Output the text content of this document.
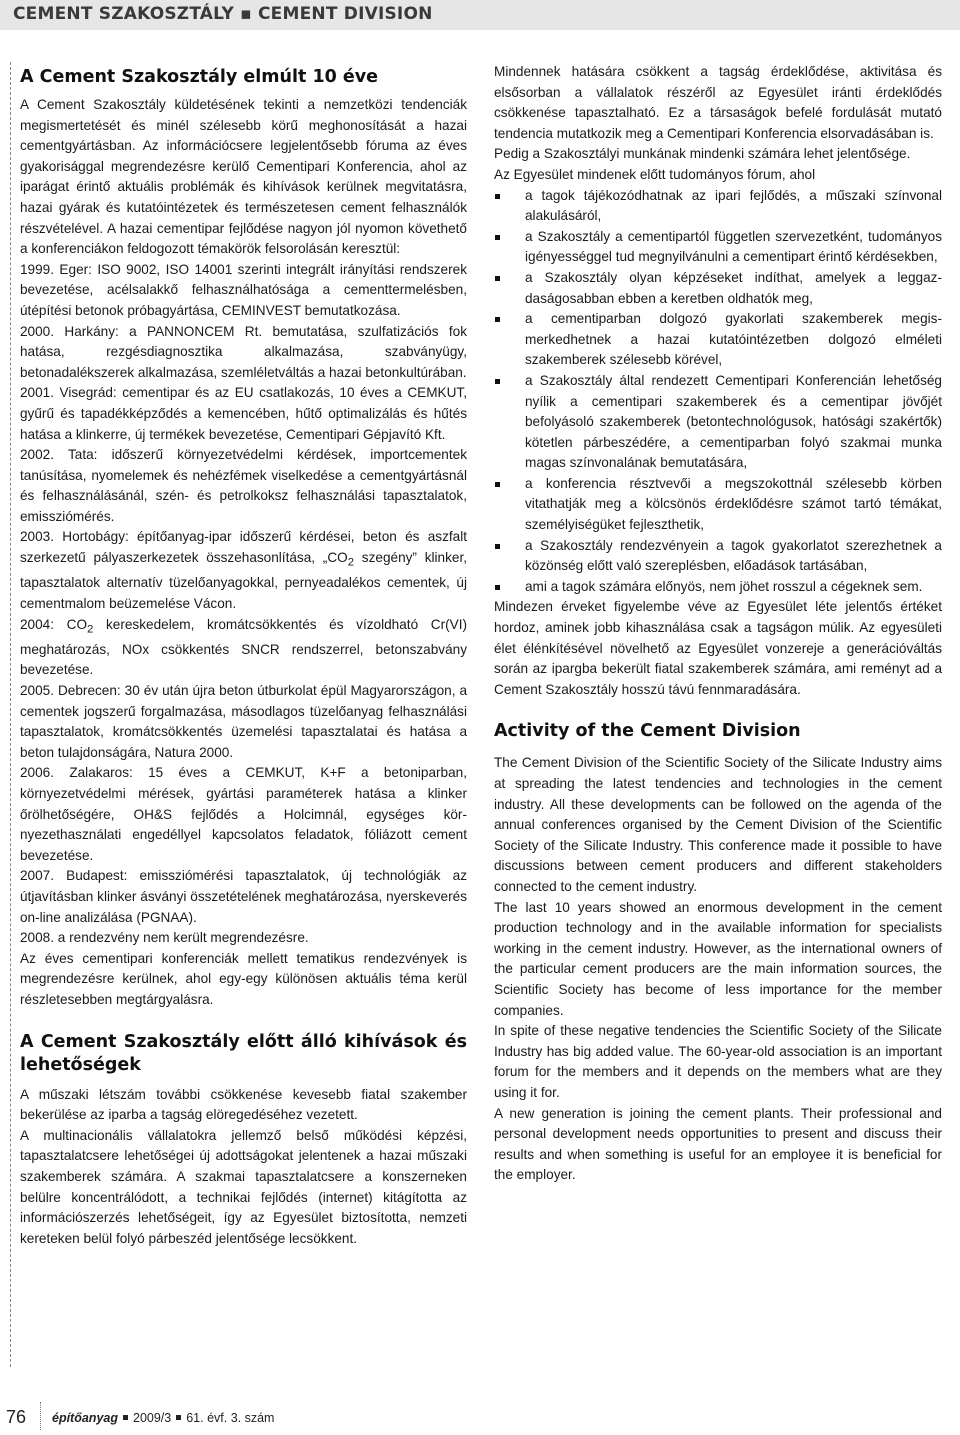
CEMENT SZAKOSZTÁLY ▪ CEMENT DIVISION
A Cement Szakosztály elmúlt 10 éve

A Cement Szakosztály küldetésének tekinti a nemzetközi tendenciák megismertetését és minél szélesebb körű meghonosítását a hazai cementgyártásban. Az információcsere legjelentősebb fóruma az éves gyakorisággal megrendezésre kerülő Cementipari Konferencia, ahol az iparágat érintő aktuális problémák és kihívások kerülnek megvitatásra, hazai gyárak és kutatóintézetek és természetesen cement felhasználók részvételével. A hazai cementipar fejlődése nagyon jól nyomon követhető a konferenciákon feldogozott témakörök felsorolásán keresztül:

1999. Eger: ISO 9002, ISO 14001 szerinti integrált irányítási rendszerek bevezetése, acélsalakkő felhasználhatósága a cementtermelésben, útépítési betonok próbagyártása, CEMINVEST bemutatkozása.

2000. Harkány: a PANNONCEM Rt. bemutatása, szulfatizációs fok hatása, rezgésdiagnosztika alkalmazása, szabványügy, betonadalékszerek alkalmazása, szemléletváltás a hazai betonkultúrában.

2001. Visegrád: cementipar és az EU csatlakozás, 10 éves a CEMKUT, gyűrű és tapadékképződés a kemencében, hűtő optimalizálás és hűtés hatása a klinkerre, új termékek bevezetése, Cementipari Gépjavító Kft.

2002. Tata: időszerű környezetvédelmi kérdések, importcementek tanúsítása, nyomelemek és nehézfémek viselkedése a cementgyártásnál és felhasználásánál, szén- és petrolkoksz felhasználási tapasztalatok, emissziómérés.

2003. Hortobágy: építőanyag-ipar időszerű kérdései, beton és aszfalt szerkezetű pályaszerkezetek összehasonlítása, $„CO_2$ szegény” klinker, tapasztalatok alternatív tüzelőanyagokkal, pernyeadalékos cementek, új cementmalom beüzemelése Vácon.

2004: $CO_2$ kereskedelem, kromátcsökkentés és vízoldható Cr(VI) meghatározás, NOx csökkentés SNCR rendszerrel, betonszabvány bevezetése.

2005. Debrecen: 30 év után újra beton útburkolat épül Magyarországon, a cementek jogszerű forgalmazása, másodlagos tüzelőanyag felhasználási tapasztalatok, kromátcsökkentés üzemelési tapasztalatai és hatása a beton tulajdonságára, Natura 2000.

2006. Zalakaros: 15 éves a CEMKUT, K+F a betoniparban, környezetvédelmi mérések, gyártási paraméterek hatása a klinker őrölhetőségére, OH&S fejlődés a Holcimnál, egységes környezethasználati engedéllyel kapcsolatos feladatok, fóliázott cement bevezetése.

2007. Budapest: emissziómérési tapasztalatok, új technológiák az útjavításban klinker ásványi összetételének meghatározása, nyerskeverés on-line analizálása (PGNAA).

2008. a rendezvény nem került megrendezésre.

Az éves cementipari konferenciák mellett tematikus rendezvények is megrendezésre kerülnek, ahol egy-egy különösen aktuális téma kerül részletesebben megtárgyalásra.

A Cement Szakosztály előtt álló kihívások és lehetőségek

A műszaki létszám további csökkenése kevesebb fiatal szakember bekerülése az iparba a tagság elöregedéséhez vezetett.

A multinacionális vállalatokra jellemző belső működési képzési, tapasztalatcsere lehetőségei új adottságokat jelentenek a hazai műszaki szakemberek számára. A szakmai tapasztalatcsere a konszerneken belülre koncentrálódott, a technikai fejlődés (internet) kitágította az információszerzés lehetőségeit, így az Egyesület biztosította, nemzeti kereteken belül folyó párbeszéd jelentősége lecsökkent.

Mindennek hatására csökkent a tagság érdeklődése, aktivitása és elsősorban a vállalatok részéről az Egyesület iránti érdeklődés csökkenése tapasztalható. Ez a társaságok befelé fordulását mutató tendencia mutatkozik meg a Cementipari Konferencia elsorvadásában is.

Pedig a Szakosztályi munkának mindenki számára lehet jelentősége.

Az Egyesület mindenek előtt tudományos fórum, ahol

a tagok tájékozódhatnak az ipari fejlődés, a műszaki színvonal alakulásáról,
a Szakosztály a cementipartól független szervezetként, tudományos igényességgel tud megnyilvánulni a cementipart érintő kérdésekben,
a Szakosztály olyan képzéseket indíthat, amelyek a leggazdaságosabban ebben a keretben oldhatók meg,
a cementiparban dolgozó gyakorlati szakemberek megismerkedhetnek a hazai kutatóintézetben dolgozó elméleti szakemberek szélesebb körével,
a Szakosztály által rendezett Cementipari Konferencián lehetőség nyílik a cementipari szakemberek és a cementipar jövőjét befolyásoló szakemberek (betontechnológusok, hatósági szakértők) kötetlen párbeszédére, a cementiparban folyó szakmai munka magas színvonalának bemutatására,
a konferencia résztvevői a megszokottnál szélesebb körben vitathatják meg a kölcsönös érdeklődésre számot tartó témákat, személyiségüket fejleszthetik,
a Szakosztály rendezvényein a tagok gyakorlatot szerezhetnek a közönség előtt való szereplésben, előadások tartásában,
ami a tagok számára előnyös, nem jöhet rosszul a cégeknek sem.

Mindezen érveket figyelembe véve az Egyesület léte jelentős értéket hordoz, aminek jobb kihasználása csak a tagságon múlik. Az egyesületi élet élénkítésével növelhető az Egyesület vonzereje a generációváltás során az ipargba bekerült fiatal szakemberek számára, ami reményt ad a Cement Szakosztály hosszú távú fennmaradására.

Activity of the Cement Division

The Cement Division of the Scientific Society of the Silicate Industry aims at spreading the latest tendencies and technologies in the cement industry. All these developments can be followed on the agenda of the annual conferences organised by the Cement Division of the Scientific Society of the Silicate Industry. This conference made it possible to have discussions between cement producers and different stakeholders connected to the cement industry.

The last 10 years showed an enormous development in the cement production technology and in the available information for specialists working in the cement industry. However, as the international owners of the particular cement producers are the main information sources, the Scientific Society has become of less importance for the member companies.

In spite of these negative tendencies the Scientific Society of the Silicate Industry has big added value. The 60-year-old association is an important forum for the members and it depends on the members what are they using it for.

A new generation is joining the cement plants. Their professional and personal development needs opportunities to present and discuss their results and when something is useful for an employee it is beneficial for the employer.

76 építőanyag 2009/3 61. évf. 3. szám
